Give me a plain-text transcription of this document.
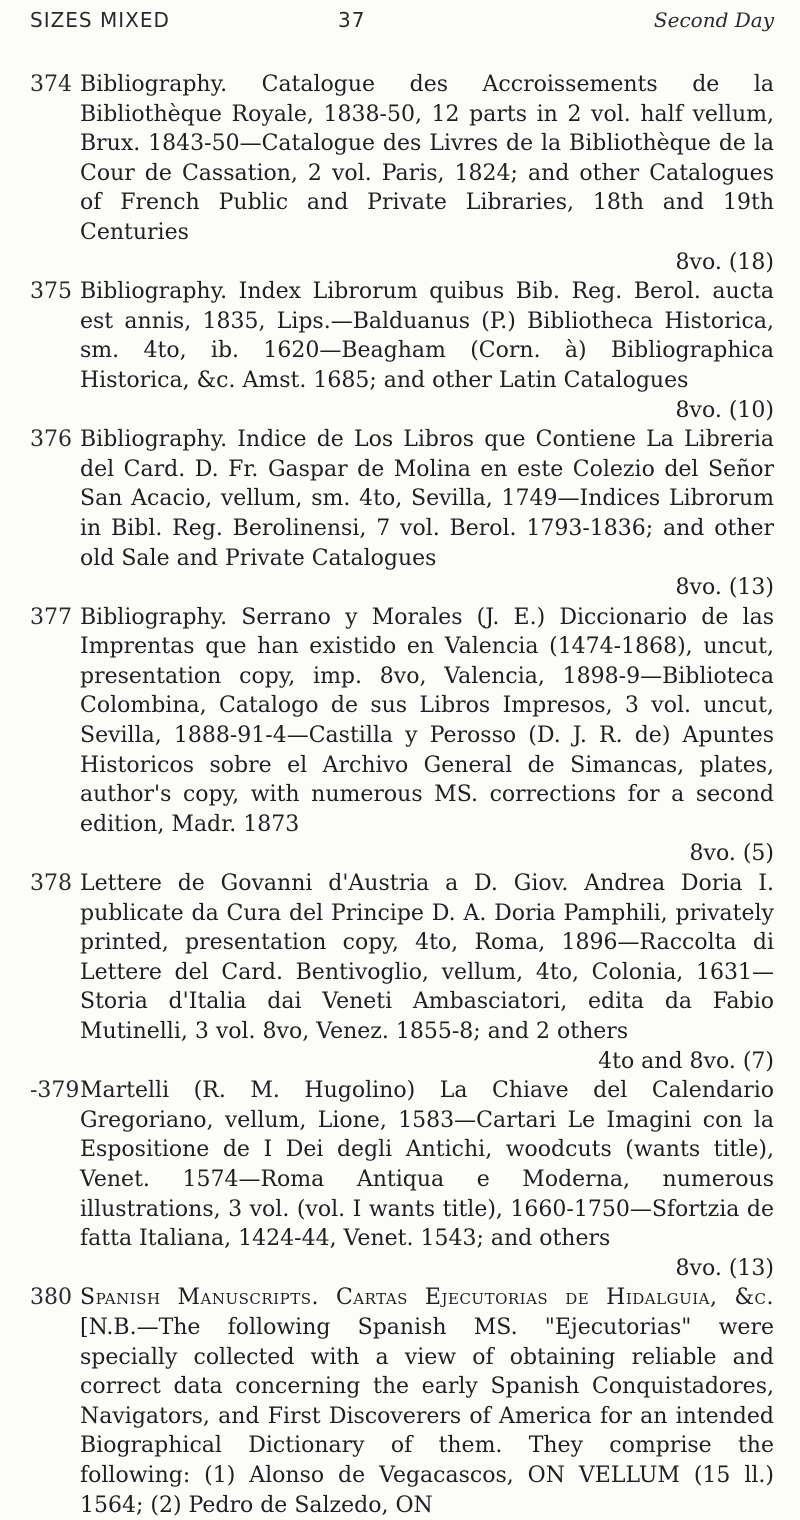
SIZES MIXED	37	Second Day
374 Bibliography. Catalogue des Accroissements de la Bibliothèque Royale, 1838-50, 12 parts in 2 vol. half vellum, Brux. 1843-50—Catalogue des Livres de la Bibliothèque de la Cour de Cassation, 2 vol. Paris, 1824; and other Catalogues of French Public and Private Libraries, 18th and 19th Centuries
8vo. (18)
375 Bibliography. Index Librorum quibus Bib. Reg. Berol. aucta est annis, 1835, Lips.—Balduanus (P.) Bibliotheca Historica, sm. 4to, ib. 1620—Beagham (Corn. à) Bibliographica Historica, &c. Amst. 1685; and other Latin Catalogues
8vo. (10)
376 Bibliography. Indice de Los Libros que Contiene La Libreria del Card. D. Fr. Gaspar de Molina en este Colezio del Señor San Acacio, vellum, sm. 4to, Sevilla, 1749—Indices Librorum in Bibl. Reg. Berolinensi, 7 vol. Berol. 1793-1836; and other old Sale and Private Catalogues
8vo. (13)
377 Bibliography. Serrano y Morales (J. E.) Diccionario de las Imprentas que han existido en Valencia (1474-1868), uncut, presentation copy, imp. 8vo, Valencia, 1898-9—Biblioteca Colombina, Catalogo de sus Libros Impresos, 3 vol. uncut, Sevilla, 1888-91-4—Castilla y Perosso (D. J. R. de) Apuntes Historicos sobre el Archivo General de Simancas, plates, author's copy, with numerous MS. corrections for a second edition, Madr. 1873
8vo. (5)
378 Lettere de Govanni d'Austria a D. Giov. Andrea Doria I. publicate da Cura del Principe D. A. Doria Pamphili, privately printed, presentation copy, 4to, Roma, 1896—Raccolta di Lettere del Card. Bentivoglio, vellum, 4to, Colonia, 1631—Storia d'Italia dai Veneti Ambasciatori, edita da Fabio Mutinelli, 3 vol. 8vo, Venez. 1855-8; and 2 others
4to and 8vo. (7)
-379 Martelli (R. M. Hugolino) La Chiave del Calendario Gregoriano, vellum, Lione, 1583—Cartari Le Imagini con la Espositione de I Dei degli Antichi, woodcuts (wants title), Venet. 1574—Roma Antiqua e Moderna, numerous illustrations, 3 vol. (vol. I wants title), 1660-1750—Sfortzia de fatta Italiana, 1424-44, Venet. 1543; and others
8vo. (13)
380 Spanish Manuscripts. Cartas Ejecutorias de Hidalguia, &c. [N.B.—The following Spanish MS. "Ejecutorias" were specially collected with a view of obtaining reliable and correct data concerning the early Spanish Conquistadores, Navigators, and First Discoverers of America for an intended Biographical Dictionary of them. They comprise the following: (1) Alonso de Vegacascos, ON VELLUM (15 ll.) 1564; (2) Pedro de Salzedo, ON
